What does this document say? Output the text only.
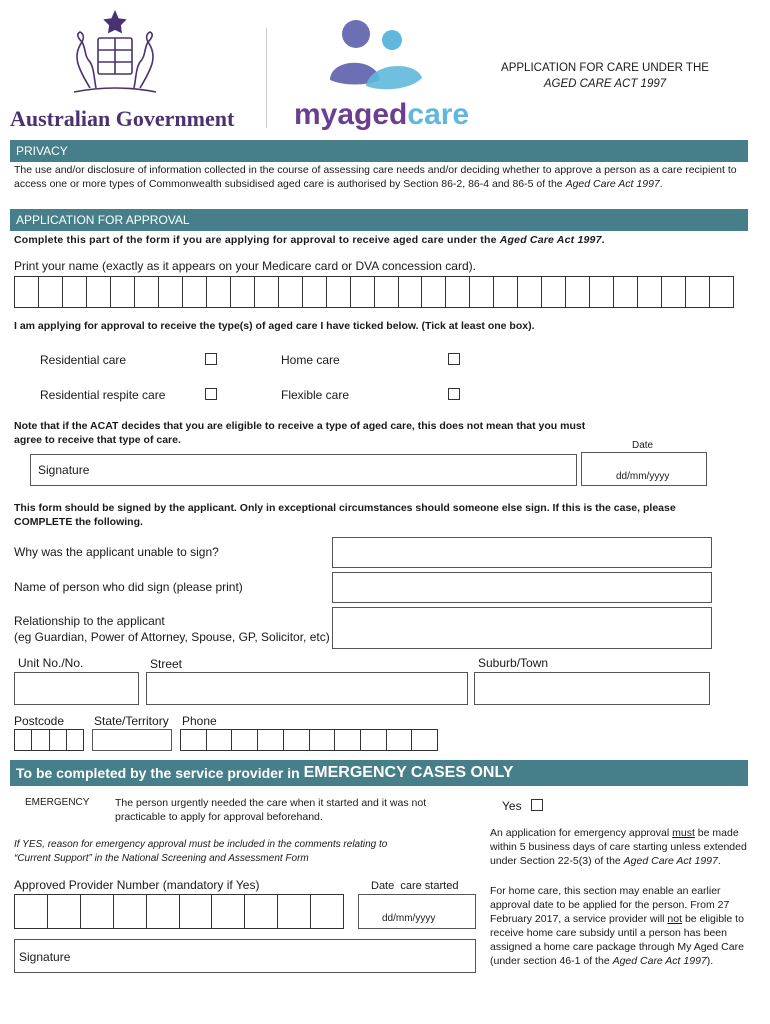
Australian Government myagedcare
APPLICATION FOR CARE UNDER THE
AGED CARE ACT 1997
PRIVACY
The use and/or disclosure of information collected in the course of assessing care needs and/or deciding whether to approve a person as a care recipient to access one or more types of Commonwealth subsidised aged care is authorised by Section 86-2, 86-4 and 86-5 of the Aged Care Act 1997.
APPLICATION FOR APPROVAL
Complete this part of the form if you are applying for approval to receive aged care under the Aged Care Act 1997.
Print your name (exactly as it appears on your Medicare card or DVA concession card).
I am applying for approval to receive the type(s) of aged care I have ticked below. (Tick at least one box).
Residential care	Home care
Residential respite care	Flexible care
Note that if the ACAT decides that you are eligible to receive a type of aged care, this does not mean that you must agree to receive that type of care.	Date
Signature	dd/mm/yyyy
This form should be signed by the applicant. Only in exceptional circumstances should someone else sign. If this is the case, please COMPLETE the following.
Why was the applicant unable to sign?
Name of person who did sign (please print)
Relationship to the applicant
(eg Guardian, Power of Attorney, Spouse, GP, Solicitor, etc)
Unit No./No.	Street	Suburb/Town
Postcode State/Territory Phone
To be completed by the service provider in EMERGENCY CASES ONLY
EMERGENCY The person urgently needed the care when it started and it was not practicable to apply for approval beforehand.
Yes
If YES, reason for emergency approval must be included in the comments relating to “Current Support” in the National Screening and Assessment Form
Approved Provider Number (mandatory if Yes)	Date  care started
dd/mm/yyyy
Signature
An application for emergency approval must be made within 5 business days of care starting unless extended under Section 22-5(3) of the Aged Care Act 1997.
For home care, this section may enable an earlier approval date to be applied for the person. From 27 February 2017, a service provider will not be eligible to receive home care subsidy until a person has been assigned a home care package through My Aged Care (under section 46-1 of the Aged Care Act 1997).
